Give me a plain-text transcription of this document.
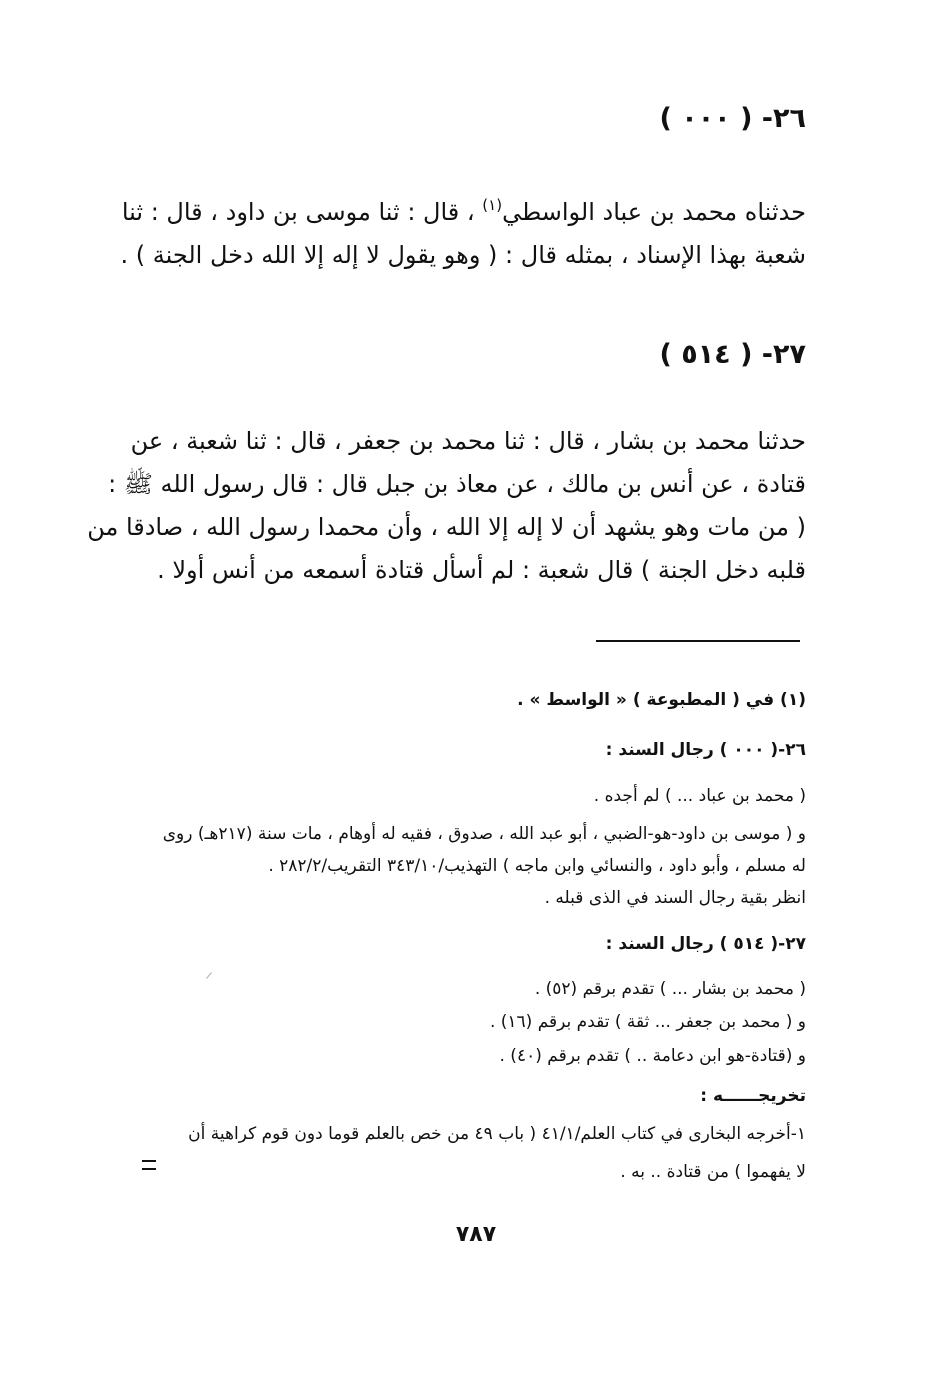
٢٦- ( ٠٠٠ )
حدثناه محمد بن عباد الواسطي$^{(١)}$ ، قال : ثنا موسى بن داود ، قال : ثنا
شعبة بهذا الإسناد ، بمثله قال : ( وهو يقول لا إله إلا الله دخل الجنة ) .
٢٧- ( ٥١٤ )
حدثنا محمد بن بشار ، قال : ثنا محمد بن جعفر ، قال : ثنا شعبة ، عن
قتادة ، عن أنس بن مالك ، عن معاذ بن جبل قال : قال رسول الله ﷺ :
( من مات وهو يشهد أن لا إله إلا الله ، وأن محمدا رسول الله ، صادقا من
قلبه دخل الجنة ) قال شعبة : لم أسأل قتادة أسمعه من أنس أولا .
(١) في ( المطبوعة ) « الواسط » .
٢٦-( ٠٠٠ ) رجال السند :
( محمد بن عباد ... ) لم أجده .
و ( موسى بن داود-هو-الضبي ، أبو عبد الله ، صدوق ، فقيه له أوهام ، مات سنة (٢١٧هـ) روى
له مسلم ، وأبو داود ، والنسائي وابن ماجه ) التهذيب/٣٤٣/١٠ التقريب/٢٨٢/٢ .
انظر بقية رجال السند في الذى قبله .
٢٧-( ٥١٤ ) رجال السند :
( محمد بن بشار ... ) تقدم برقم (٥٢) .
و ( محمد بن جعفر ... ثقة ) تقدم برقم (١٦) .
و (قتادة-هو ابن دعامة .. ) تقدم برقم (٤٠) .
تخريجــــــه :
١-أخرجه البخارى في كتاب العلم/٤١/١ ( باب ٤٩ من خص بالعلم قوما دون قوم كراهية أن
لا يفهموا ) من قتادة .. به .
٧٨٧
